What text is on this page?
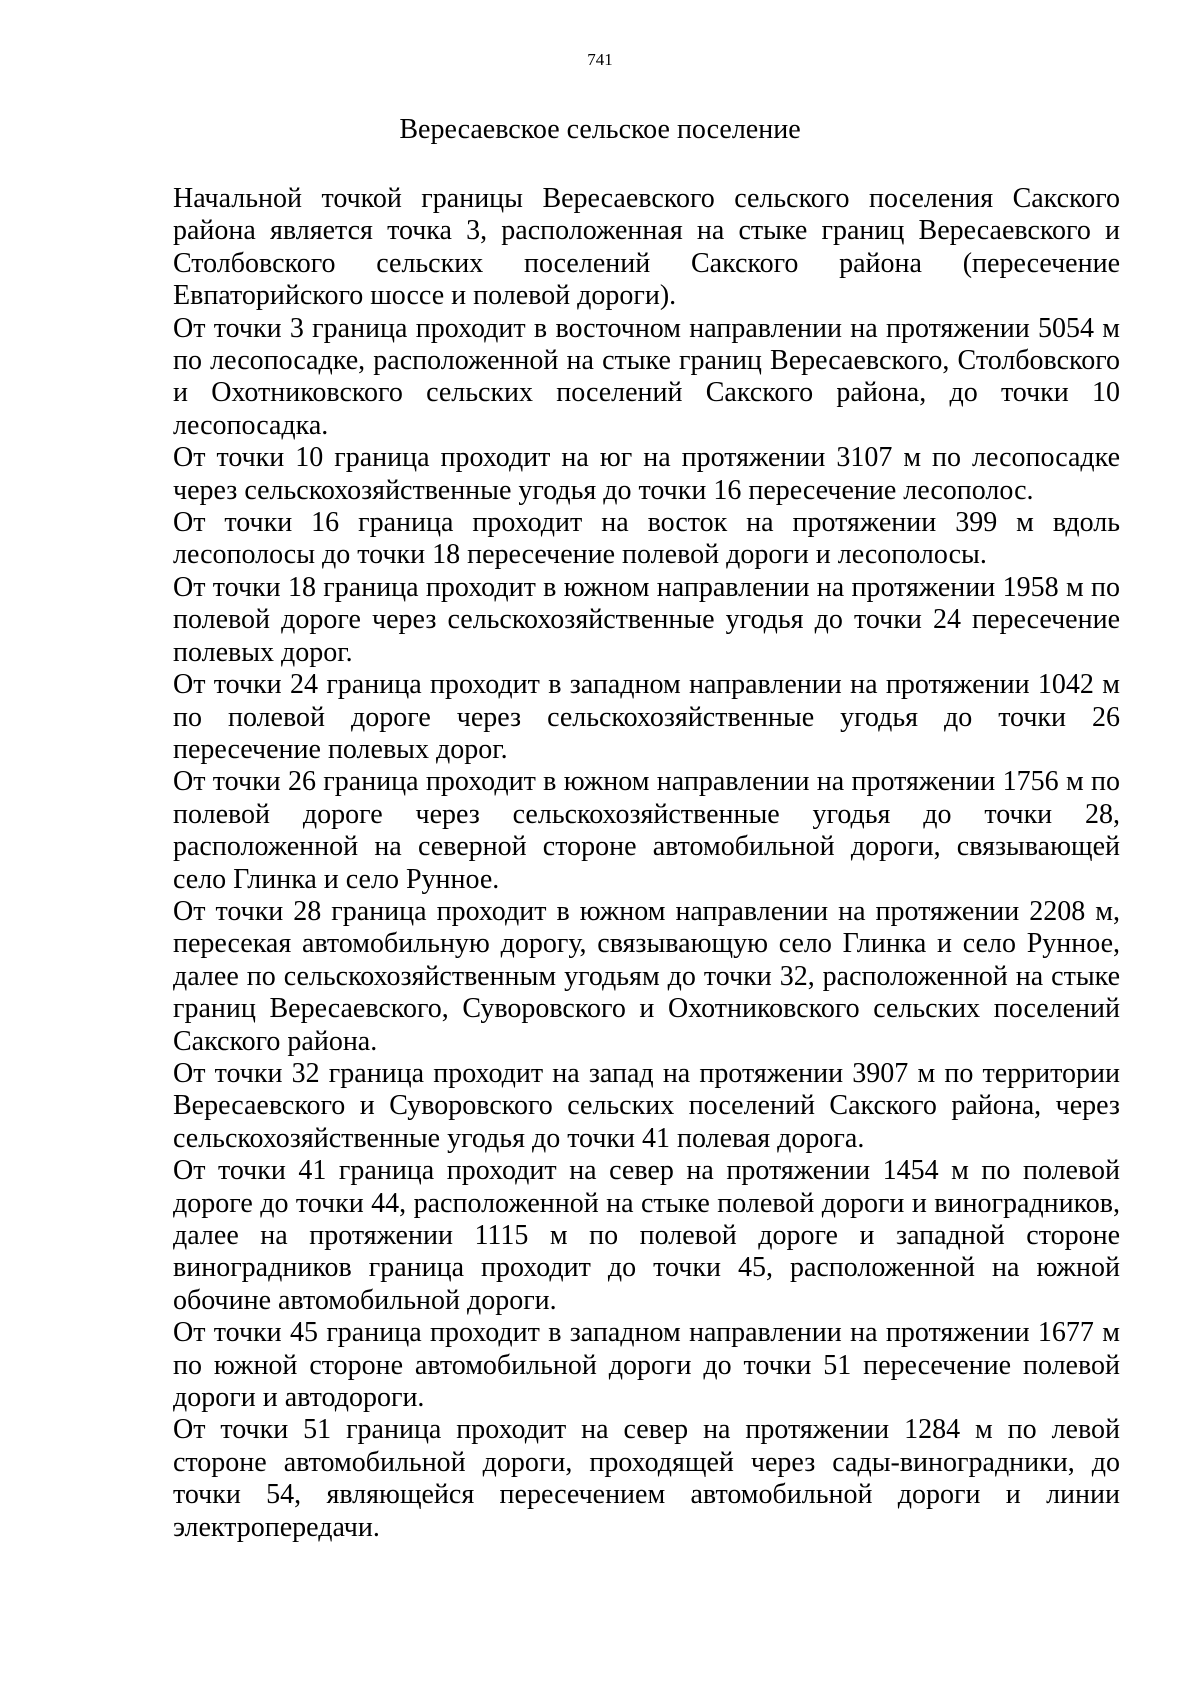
741
Вересаевское сельское поселение

Начальной точкой границы Вересаевского сельского поселения Сакского района является точка 3, расположенная на стыке границ Вересаевского и Столбовского сельских поселений Сакского района (пересечение Евпаторийского шоссе и полевой дороги).

От точки 3 граница проходит в восточном направлении на протяжении 5054 м по лесопосадке, расположенной на стыке границ Вересаевского, Столбовского и Охотниковского сельских поселений Сакского района, до точки 10 лесопосадка.

От точки 10 граница проходит на юг на протяжении 3107 м по лесопосадке через сельскохозяйственные угодья до точки 16 пересечение лесополос.

От точки 16 граница проходит на восток на протяжении 399 м вдоль лесополосы до точки 18 пересечение полевой дороги и лесополосы.

От точки 18 граница проходит в южном направлении на протяжении 1958 м по полевой дороге через сельскохозяйственные угодья до точки 24 пересечение полевых дорог.

От точки 24 граница проходит в западном направлении на протяжении 1042 м по полевой дороге через сельскохозяйственные угодья до точки 26 пересечение полевых дорог.

От точки 26 граница проходит в южном направлении на протяжении 1756 м по полевой дороге через сельскохозяйственные угодья до точки 28, расположенной на северной стороне автомобильной дороги, связывающей село Глинка и село Рунное.

От точки 28 граница проходит в южном направлении на протяжении 2208 м, пересекая автомобильную дорогу, связывающую село Глинка и село Рунное, далее по сельскохозяйственным угодьям до точки 32, расположенной на стыке границ Вересаевского, Суворовского и Охотниковского сельских поселений Сакского района.

От точки 32 граница проходит на запад на протяжении 3907 м по территории Вересаевского и Суворовского сельских поселений Сакского района, через сельскохозяйственные угодья до точки 41 полевая дорога.

От точки 41 граница проходит на север на протяжении 1454 м по полевой дороге до точки 44, расположенной на стыке полевой дороги и виноградников, далее на протяжении 1115 м по полевой дороге и западной стороне виноградников граница проходит до точки 45, расположенной на южной обочине автомобильной дороги.

От точки 45 граница проходит в западном направлении на протяжении 1677 м по южной стороне автомобильной дороги до точки 51 пересечение полевой дороги и автодороги.

От точки 51 граница проходит на север на протяжении 1284 м по левой стороне автомобильной дороги, проходящей через сады-виноградники, до точки 54, являющейся пересечением автомобильной дороги и линии электропередачи.
